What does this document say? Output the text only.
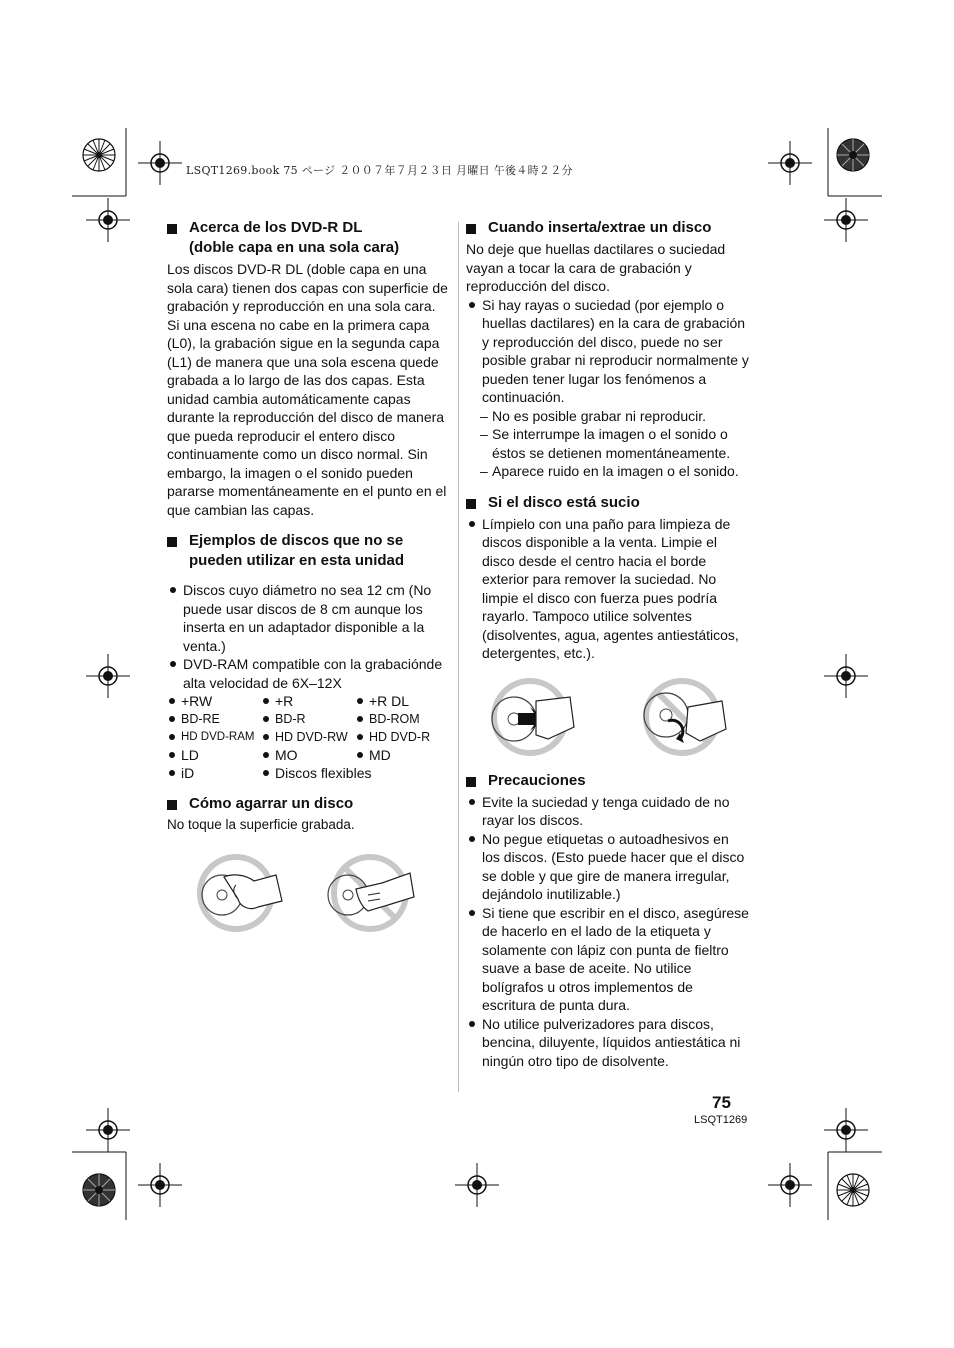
LSQT1269.book 75 ページ ２００７年７月２３日 月曜日 午後４時２２分
Acerca de los DVD-R DL
(doble capa en una sola cara)

Los discos DVD-R DL (doble capa en una sola cara) tienen dos capas con superficie de grabación y reproducción en una sola cara. Si una escena no cabe en la primera capa (L0), la grabación sigue en la segunda capa (L1) de manera que una sola escena quede grabada a lo largo de las dos capas. Esta unidad cambia automáticamente capas durante la reproducción del disco de manera que pueda reproducir el entero disco continuamente como un disco normal. Sin embargo, la imagen o el sonido pueden pararse momentáneamente en el punto en el que cambian las capas.

Ejemplos de discos que no se
pueden utilizar en esta unidad
Discos cuyo diámetro no sea 12 cm (No puede usar discos de 8 cm aunque los inserta en un adaptador disponible a la venta.)
DVD-RAM compatible con la grabaciónde alta velocidad de 6X–12X
+RW	+R	+R DL
BD-RE	BD-R	BD-ROM
HD DVD-RAM	HD DVD-RW	HD DVD-R
LD	MO	MD
iD	Discos flexibles
Cómo agarrar un disco

No toque la superficie grabada.

Cuando inserta/extrae un disco

No deje que huellas dactilares o suciedad vayan a tocar la cara de grabación y reproducción del disco.

Si hay rayas o suciedad (por ejemplo o huellas dactilares) en la cara de grabación y reproducción del disco, puede no ser posible grabar ni reproducir normalmente y pueden tener lugar los fenómenos a continuación.
– No es posible grabar ni reproducir.
– Se interrumpe la imagen o el sonido o éstos se detienen momentáneamente.
– Aparece ruido en la imagen o el sonido.
Si el disco está sucio
Límpielo con una paño para limpieza de discos disponible a la venta. Limpie el disco desde el centro hacia el borde exterior para remover la suciedad. No limpie el disco con fuerza pues podría rayarlo. Tampoco utilice solventes (disolventes, agua, agentes antiestáticos, detergentes, etc.).
Precauciones
Evite la suciedad y tenga cuidado de no rayar los discos.
No pegue etiquetas o autoadhesivos en los discos. (Esto puede hacer que el disco se doble y que gire de manera irregular, dejándolo inutilizable.)
Si tiene que escribir en el disco, asegúrese de hacerlo en el lado de la etiqueta y solamente con lápiz con punta de fieltro suave a base de aceite. No utilice bolígrafos u otros implementos de escritura de punta dura.
No utilice pulverizadores para discos, bencina, diluyente, líquidos antiestática ni ningún otro tipo de disolvente.
75
LSQT1269
